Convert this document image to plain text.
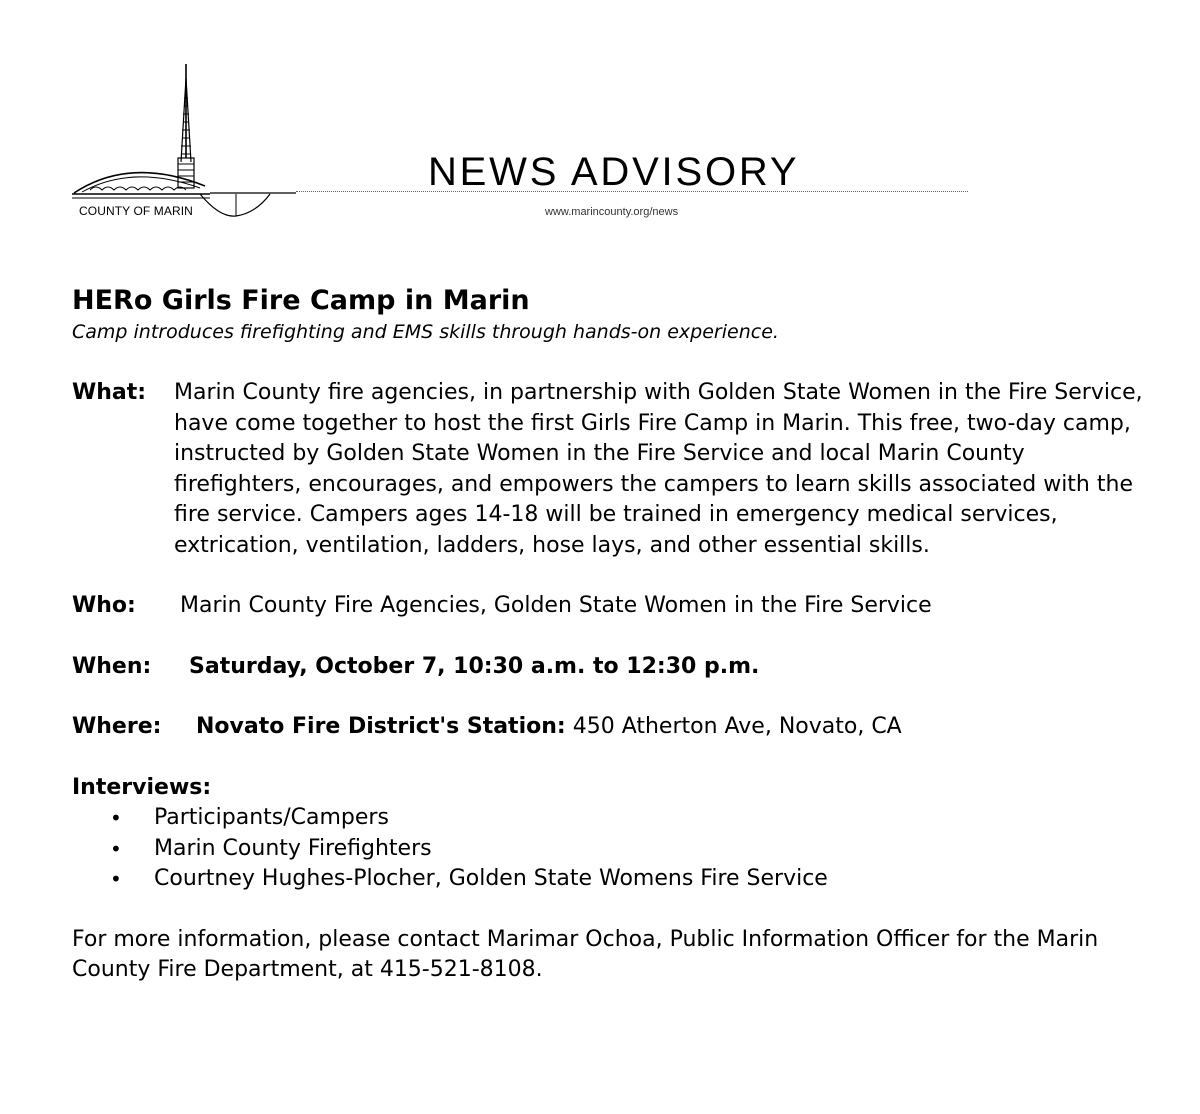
COUNTY OF MARIN
NEWS ADVISORY
www.marincounty.org/news
HERo Girls Fire Camp in Marin

Camp introduces firefighting and EMS skills through hands-on experience.

What:	Marin County fire agencies, in partnership with Golden State Women in the Fire Service, have come together to host the first Girls Fire Camp in Marin. This free, two-day camp, instructed by Golden State Women in the Fire Service and local Marin County firefighters, encourages, and empowers the campers to learn skills associated with the fire service. Campers ages 14-18 will be trained in emergency medical services, extrication, ventilation, ladders, hose lays, and other essential skills.
Who:	Marin County Fire Agencies, Golden State Women in the Fire Service
When:	Saturday, October 7, 10:30 a.m. to 12:30 p.m.
Where:	Novato Fire District's Station: 450 Atherton Ave, Novato, CA
Interviews:
•	Participants/Campers
•	Marin County Firefighters
•	Courtney Hughes-Plocher, Golden State Womens Fire Service
For more information, please contact Marimar Ochoa, Public Information Officer for the Marin County Fire Department, at 415-521-8108.
